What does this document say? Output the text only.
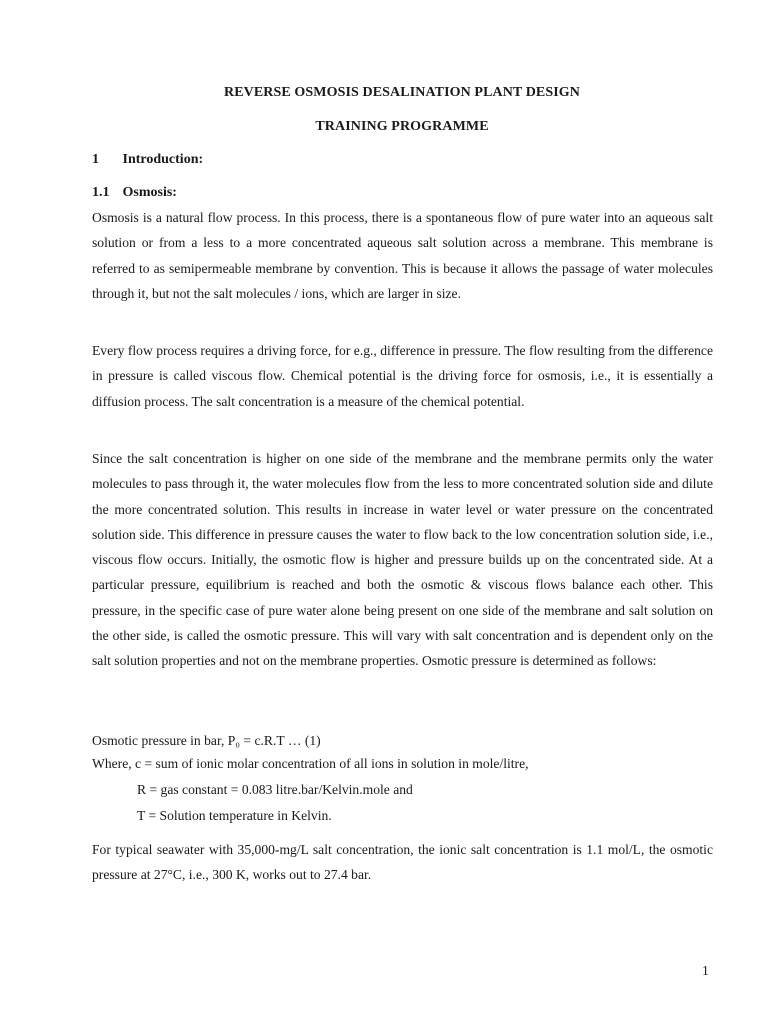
REVERSE OSMOSIS DESALINATION PLANT DESIGN
TRAINING PROGRAMME
1 Introduction:
1.1 Osmosis:

Osmosis is a natural flow process. In this process, there is a spontaneous flow of pure water into an aqueous salt solution or from a less to a more concentrated aqueous salt solution across a membrane. This membrane is referred to as semipermeable membrane by convention. This is because it allows the passage of water molecules through it, but not the salt molecules / ions, which are larger in size.

Every flow process requires a driving force, for e.g., difference in pressure. The flow resulting from the difference in pressure is called viscous flow. Chemical potential is the driving force for osmosis, i.e., it is essentially a diffusion process. The salt concentration is a measure of the chemical potential.

Since the salt concentration is higher on one side of the membrane and the membrane permits only the water molecules to pass through it, the water molecules flow from the less to more concentrated solution side and dilute the more concentrated solution. This results in increase in water level or water pressure on the concentrated solution side. This difference in pressure causes the water to flow back to the low concentration solution side, i.e., viscous flow occurs. Initially, the osmotic flow is higher and pressure builds up on the concentrated side. At a particular pressure, equilibrium is reached and both the osmotic & viscous flows balance each other. This pressure, in the specific case of pure water alone being present on one side of the membrane and salt solution on the other side, is called the osmotic pressure. This will vary with salt concentration and is dependent only on the salt solution properties and not on the membrane properties. Osmotic pressure is determined as follows:

Osmotic pressure in bar, P₀ = c.R.T … (1)
Where, c = sum of ionic molar concentration of all ions in solution in mole/litre,
R = gas constant = 0.083 litre.bar/Kelvin.mole and
T = Solution temperature in Kelvin.

For typical seawater with 35,000-mg/L salt concentration, the ionic salt concentration is 1.1 mol/L, the osmotic pressure at 27°C, i.e., 300 K, works out to 27.4 bar.

1
